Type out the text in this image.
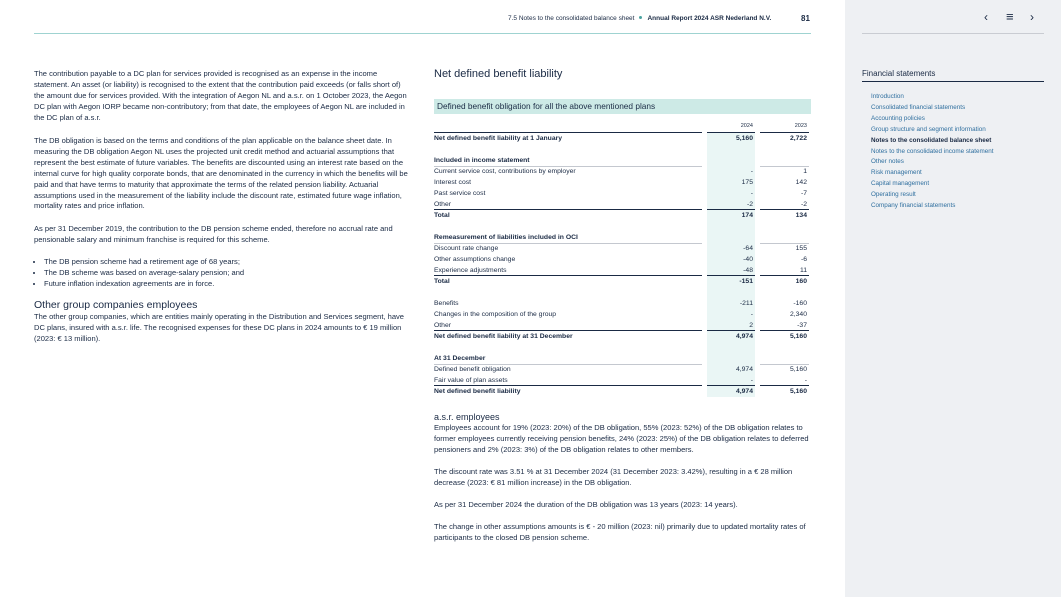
7.5 Notes to the consolidated balance sheet Annual Report 2024 ASR Nederland N.V.	81

The contribution payable to a DC plan for services provided is recognised as an expense in the income statement. An asset (or liability) is recognised to the extent that the contribution paid exceeds (or falls short of) the amount due for services provided. With the integration of Aegon NL and a.s.r. on 1 October 2023, the Aegon DC plan with Aegon IORP became non-contributory; from that date, the employees of Aegon NL are included in the DC plan of a.s.r.

The DB obligation is based on the terms and conditions of the plan applicable on the balance sheet date. In measuring the DB obligation Aegon NL uses the projected unit credit method and actuarial assumptions that represent the best estimate of future variables. The benefits are discounted using an interest rate based on the internal curve for high quality corporate bonds, that are denominated in the currency in which the benefits will be paid and that have terms to maturity that approximate the terms of the related pension liability. Actuarial assumptions used in the measurement of the liability include the discount rate, estimated future wage inflation, mortality rates and price inflation.

As per 31 December 2019, the contribution to the DB pension scheme ended, therefore no accrual rate and pensionable salary and minimum franchise is required for this scheme.

• The DB pension scheme had a retirement age of 68 years;
• The DB scheme was based on average-salary pension; and
• Future inflation indexation agreements are in force.
Other group companies employees

The other group companies, which are entities mainly operating in the Distribution and Services segment, have DC plans, insured with a.s.r. life. The recognised expenses for these DC plans in 2024 amounts to € 19 million (2023: € 13 million).

Net defined benefit liability
Defined benefit obligation for all the above mentioned plans
2024	2023
Net defined benefit liability at 1 January	5,160	2,722
Included in income statement
Current service cost, contributions by employer	-	1
Interest cost	175	142
Past service cost	-	-7
Other	-2	-2
Total	174	134
Remeasurement of liabilities included in OCI
Discount rate change	-64	155
Other assumptions change	-40	-6
Experience adjustments	-48	11
Total	-151	160
Benefits	-211	-160
Changes in the composition of the group	-	2,340
Other	2	-37
Net defined benefit liability at 31 December	4,974	5,160
At 31 December
Defined benefit obligation	4,974	5,160
Fair value of plan assets	-	-
Net defined benefit liability	4,974	5,160
a.s.r. employees

Employees account for 19% (2023: 20%) of the DB obligation, 55% (2023: 52%) of the DB obligation relates to former employees currently receiving pension benefits, 24% (2023: 25%) of the DB obligation relates to deferred pensioners and 2% (2023: 3%) of the DB obligation relates to other members.

The discount rate was 3.51 % at 31 December 2024 (31 December 2023: 3.42%), resulting in a € 28 million decrease (2023: € 81 million increase) in the DB obligation.

As per 31 December 2024 the duration of the DB obligation was 13 years (2023: 14 years).

The change in other assumptions amounts is € - 20 million (2023: nil) primarily due to updated mortality rates of participants to the closed DB pension scheme.

‹ ≡ ›
Financial statements
Introduction
Consolidated financial statements
Accounting policies
Group structure and segment information
Notes to the consolidated balance sheet
Notes to the consolidated income statement
Other notes
Risk management
Capital management
Operating result
Company financial statements
